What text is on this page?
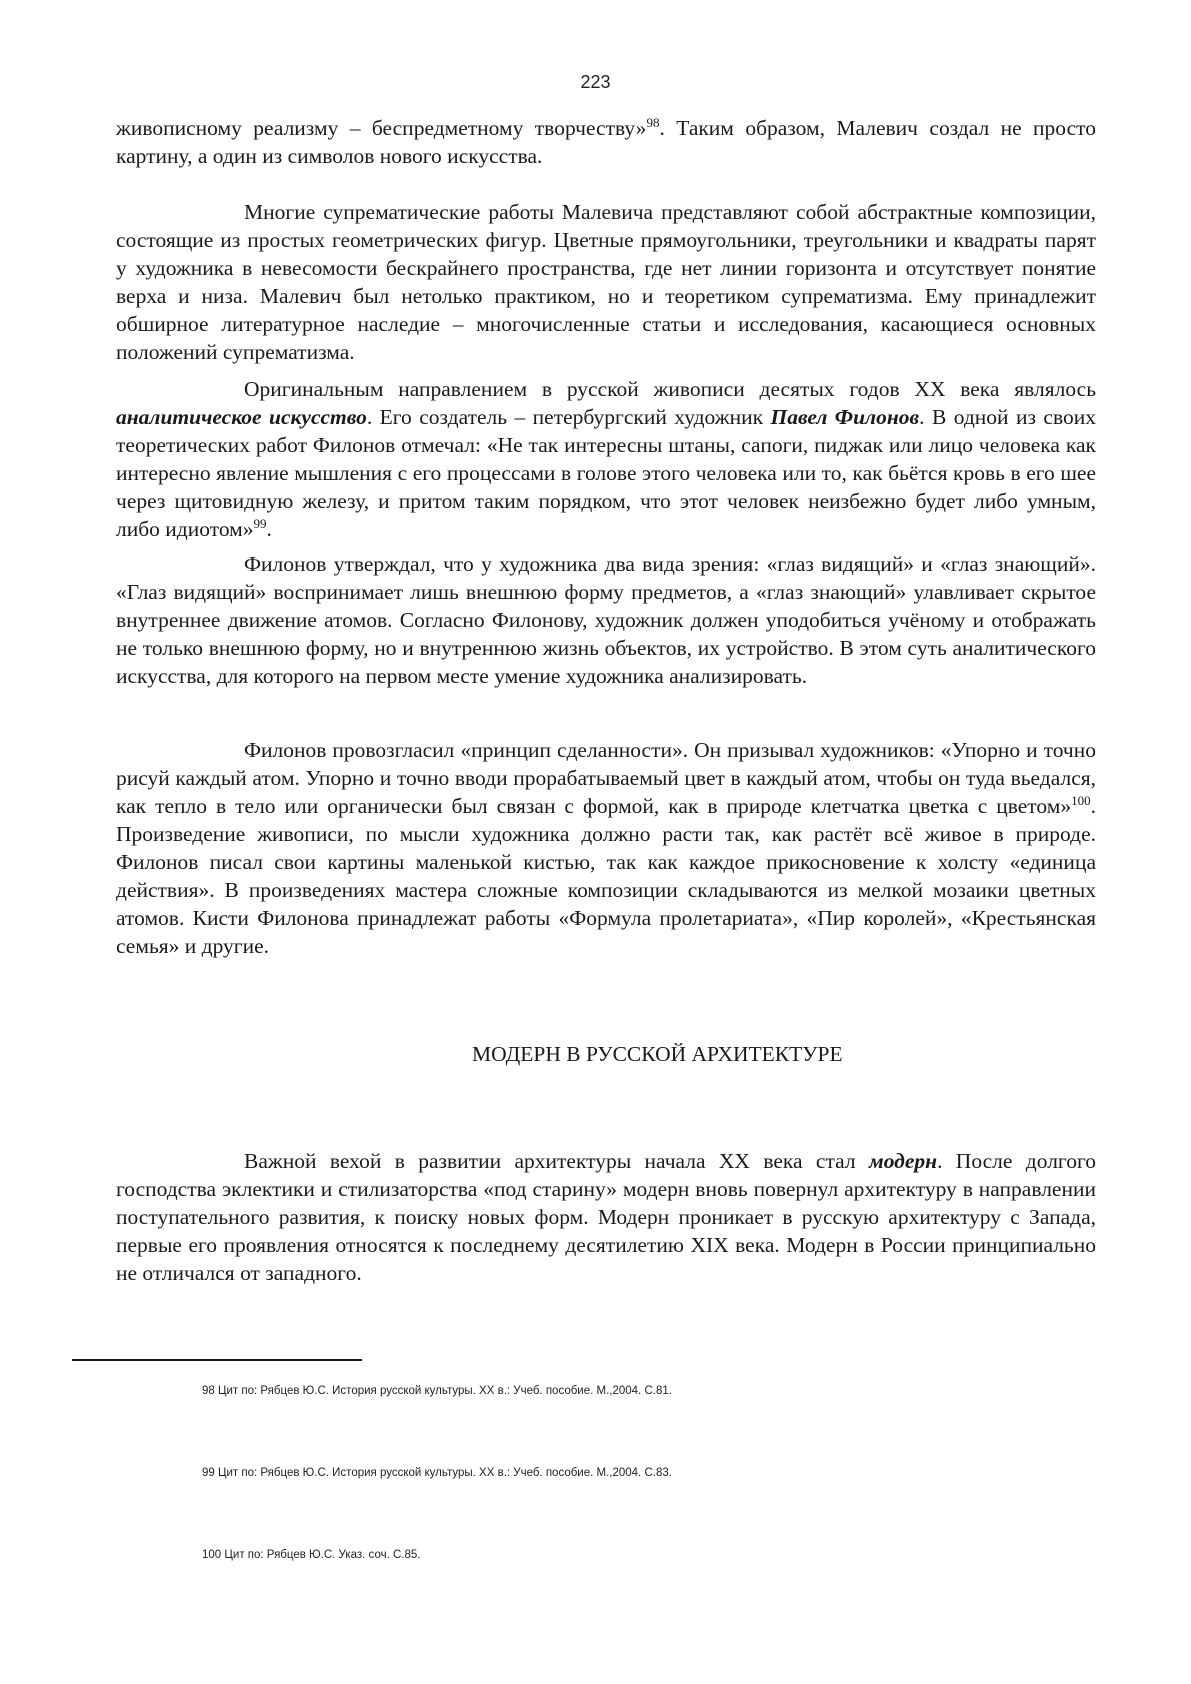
223

живописному реализму – беспредметному творчеству»$^{98}$. Таким образом, Малевич создал не просто картину, а один из символов нового искусства.

Многие супрематические работы Малевича представляют собой абстрактные композиции, состоящие из простых геометрических фигур. Цветные прямоугольники, треугольники и квадраты парят у художника в невесомости бескрайнего пространства, где нет линии горизонта и отсутствует понятие верха и низа. Малевич был нетолько практиком, но и теоретиком супрематизма. Ему принадлежит обширное литературное наследие – многочисленные статьи и исследования, касающиеся основных положений супрематизма.

Оригинальным направлением в русской живописи десятых годов XX века являлось аналитическое искусство. Его создатель – петербургский художник Павел Филонов. В одной из своих теоретических работ Филонов отмечал: «Не так интересны штаны, сапоги, пиджак или лицо человека как интересно явление мышления с его процессами в голове этого человека или то, как бьётся кровь в его шее через щитовидную железу, и притом таким порядком, что этот человек неизбежно будет либо умным, либо идиотом»$^{99}$.

Филонов утверждал, что у художника два вида зрения: «глаз видящий» и «глаз знающий». «Глаз видящий» воспринимает лишь внешнюю форму предметов, а «глаз знающий» улавливает скрытое внутреннее движение атомов. Согласно Филонову, художник должен уподобиться учёному и отображать не только внешнюю форму, но и внутреннюю жизнь объектов, их устройство. В этом суть аналитического искусства, для которого на первом месте умение художника анализировать.

Филонов провозгласил «принцип сделанности». Он призывал художников: «Упорно и точно рисуй каждый атом. Упорно и точно вводи прорабатываемый цвет в каждый атом, чтобы он туда вьедался, как тепло в тело или органически был связан с формой, как в природе клетчатка цветка с цветом»$^{100}$. Произведение живописи, по мысли художника должно расти так, как растёт всё живое в природе. Филонов писал свои картины маленькой кистью, так как каждое прикосновение к холсту «единица действия». В произведениях мастера сложные композиции складываются из мелкой мозаики цветных атомов. Кисти Филонова принадлежат работы «Формула пролетариата», «Пир королей», «Крестьянская семья» и другие.

МОДЕРН В РУССКОЙ АРХИТЕКТУРЕ

Важной вехой в развитии архитектуры начала XX века стал модерн. После долгого господства эклектики и стилизаторства «под старину» модерн вновь повернул архитектуру в направлении поступательного развития, к поиску новых форм. Модерн проникает в русскую архитектуру с Запада, первые его проявления относятся к последнему десятилетию XIX века. Модерн в России принципиально не отличался от западного.

98 Цит по: Рябцев Ю.С. История русской культуры. XX в.: Учеб. пособие. М.,2004. С.81.
99 Цит по: Рябцев Ю.С. История русской культуры. XX в.: Учеб. пособие. М.,2004. С.83.
100 Цит по: Рябцев Ю.С. Указ. соч. С.85.
